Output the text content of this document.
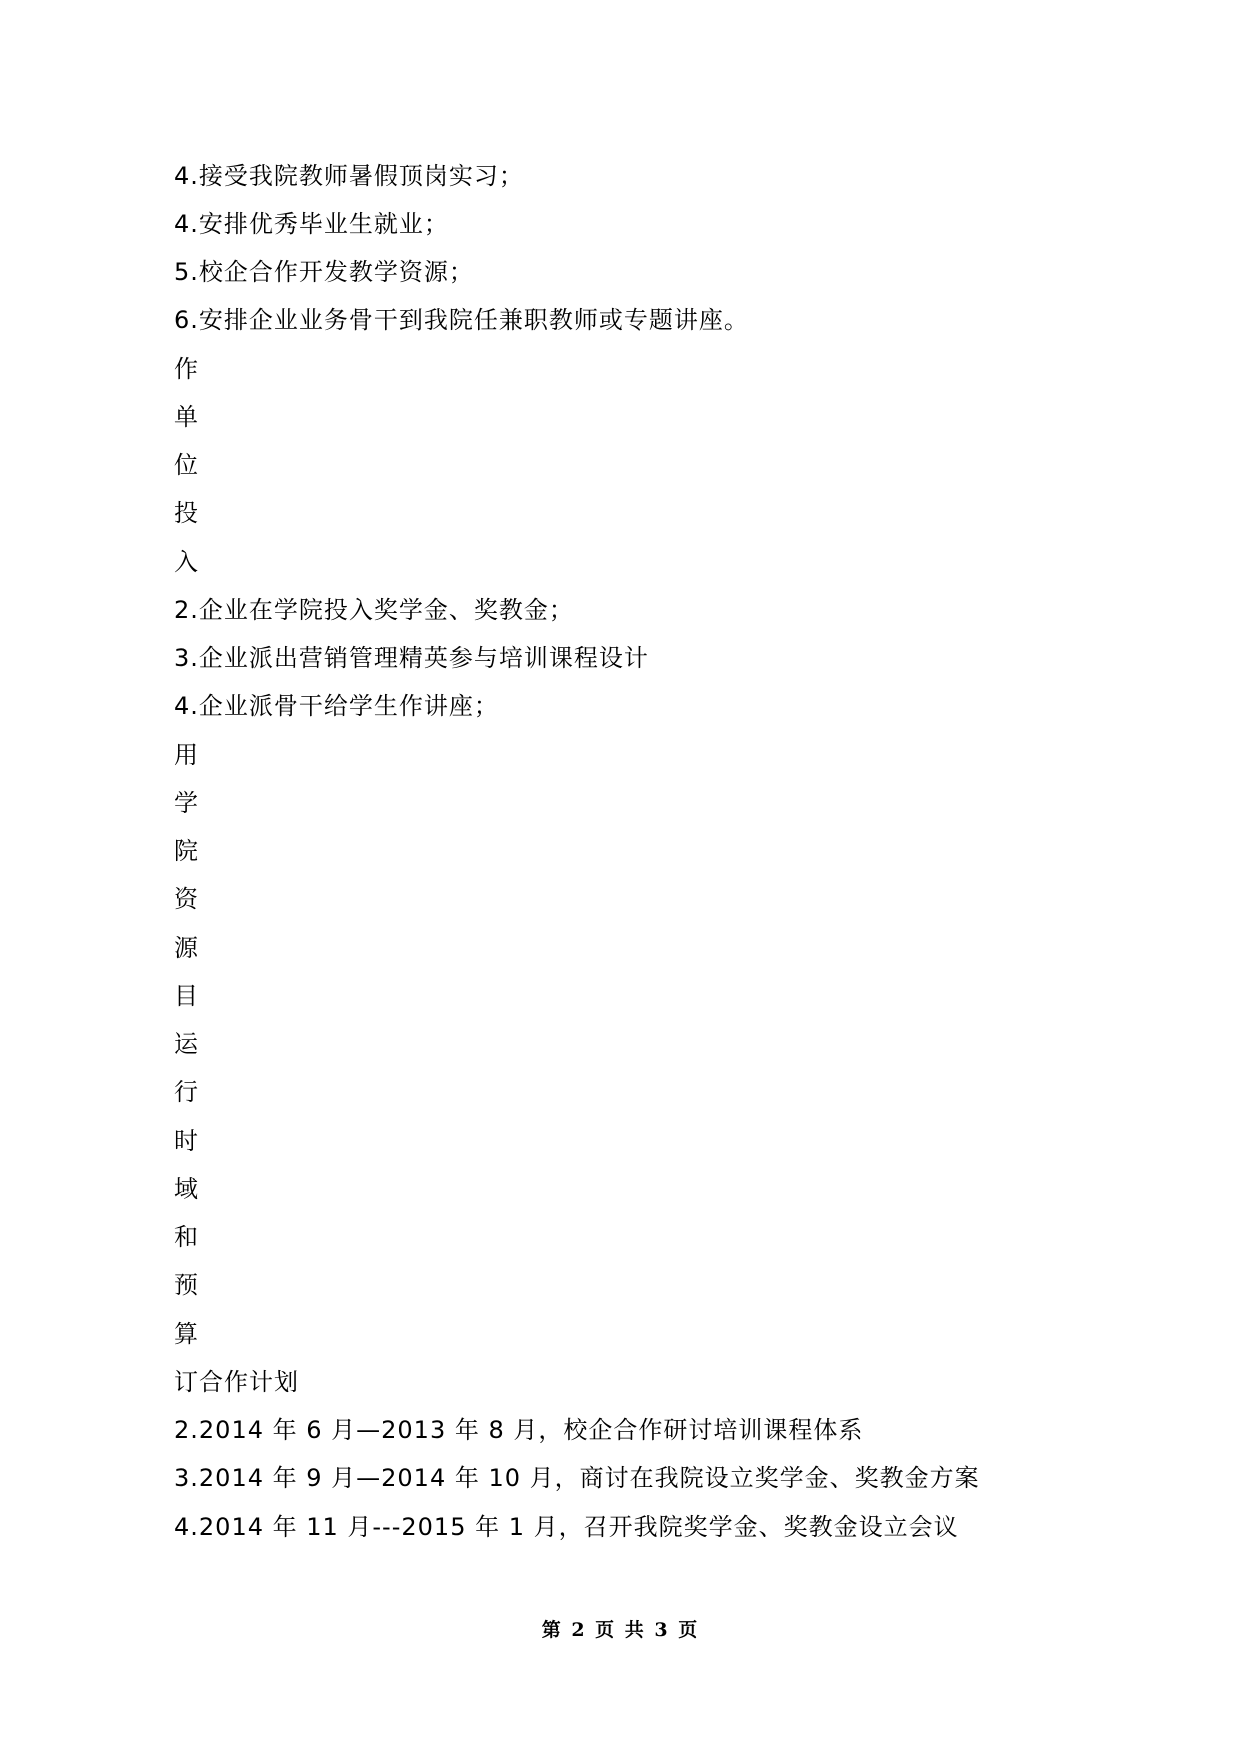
4.接受我院教师暑假顶岗实习；
4.安排优秀毕业生就业；
5.校企合作开发教学资源；
6.安排企业业务骨干到我院任兼职教师或专题讲座。
作
单
位
投
入
2.企业在学院投入奖学金、奖教金；
3.企业派出营销管理精英参与培训课程设计
4.企业派骨干给学生作讲座；
用
学
院
资
源
目
运
行
时
域
和
预
算
订合作计划
2.2014 年 6 月—2013 年 8 月，校企合作研讨培训课程体系
3.2014 年 9 月—2014 年 10 月，商讨在我院设立奖学金、奖教金方案
4.2014 年 11 月---2015 年 1 月，召开我院奖学金、奖教金设立会议
第 2 页 共 3 页
